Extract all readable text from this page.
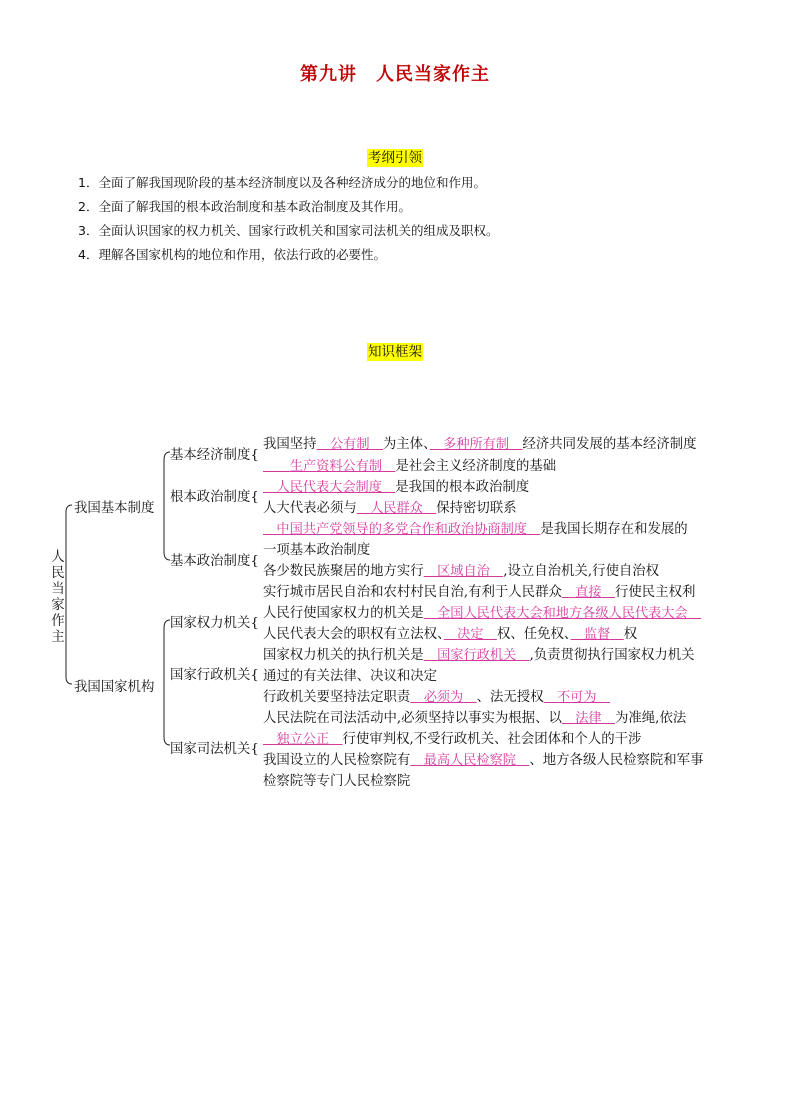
第九讲　人民当家作主
考纲引领
1．全面了解我国现阶段的基本经济制度以及各种经济成分的地位和作用。
2．全面了解我国的根本政治制度和基本政治制度及其作用。
3．全面认识国家的权力机关、国家行政机关和国家司法机关的组成及职权。
4．理解各国家机构的地位和作用，依法行政的必要性。
知识框架
人
民
当
家
作
主
我国基本制度
我国国家机构
基本经济制度{
根本政治制度{
基本政治制度{
国家权力机关{
国家行政机关{
国家司法机关{
我国坚持　 公有制　 为主体、　 多种所有制　 经济共同发展的基本经济制度
　　生产资料公有制　 是社会主义经济制度的基础
　人民代表大会制度　 是我国的根本政治制度
人大代表必须与　 人民群众　 保持密切联系
　中国共产党领导的多党合作和政治协商制度　 是我国长期存在和发展的
一项基本政治制度
各少数民族聚居的地方实行　 区域自治　 ,设立自治机关,行使自治权
实行城市居民自治和农村村民自治,有利于人民群众　 直接　 行使民主权利
人民行使国家权力的机关是　 全国人民代表大会和地方各级人民代表大会　
人民代表大会的职权有立法权、　 决定　 权、任免权、　 监督　 权
国家权力机关的执行机关是　 国家行政机关　 ,负责贯彻执行国家权力机关
通过的有关法律、决议和决定
行政机关要坚持法定职责　 必须为　 、法无授权　 不可为　
人民法院在司法活动中,必须坚持以事实为根据、以　 法律　 为准绳,依法
　独立公正　 行使审判权,不受行政机关、社会团体和个人的干涉
我国设立的人民检察院有　 最高人民检察院　 、地方各级人民检察院和军事
检察院等专门人民检察院
